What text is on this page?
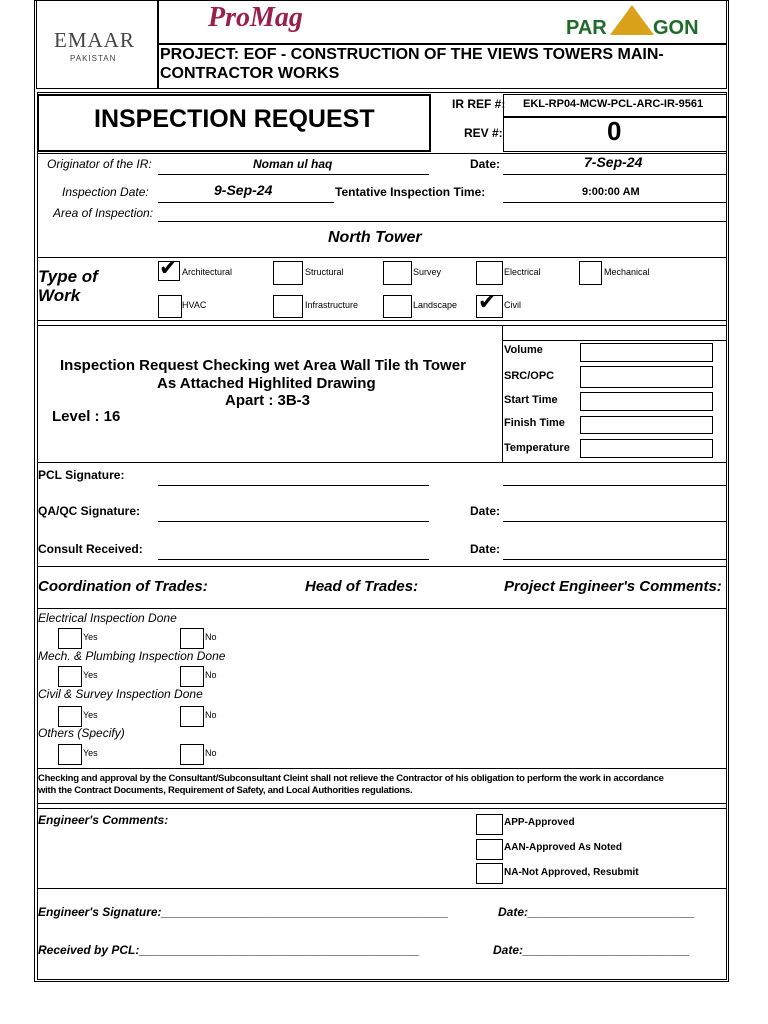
EMAAR
PAKISTAN
ProMag	PAR GON
PROJECT: EOF - CONSTRUCTION OF THE VIEWS TOWERS MAIN-
CONTRACTOR WORKS
INSPECTION REQUEST
IR REF #: EKL-RP04-MCW-PCL-ARC-IR-9561
REV #:	0
Originator of the IR:	Noman ul haq	Date:	7-Sep-24
Inspection Date:	9-Sep-24	Tentative Inspection Time:	9:00:00 AM
Area of Inspection:
North Tower
Type of
Work
✔ Architectural	Structural	Survey	Electrical	Mechanical
HVAC	Infrastructure	Landscape ✔ Civil
Inspection Request Checking wet Area Wall Tile th Tower
As Attached Highlited Drawing
Apart : 3B-3
Level : 16
Volume
SRC/OPC
Start Time
Finish Time
Temperature
PCL Signature:
QA/QC Signature:	Date:
Consult Received:	Date:
Coordination of Trades:	Head of Trades:	Project Engineer's Comments:
Electrical Inspection Done
Yes	No
Mech. & Plumbing Inspection Done
Yes	No
Civil & Survey Inspection Done
Yes	No
Others (Specify)
Yes	No
Checking and approval by the Consultant/Subconsultant Cleint shall not relieve the Contractor of his obligation to perform the work in accordance
with the Contract Documents, Requirement of Safety, and Local Authorities regulations.
Engineer's Comments:	APP-Approved
AAN-Approved As Noted
NA-Not Approved, Resubmit
Engineer's Signature:___________________________________________	Date:_________________________
Received by PCL:__________________________________________	Date:_________________________
